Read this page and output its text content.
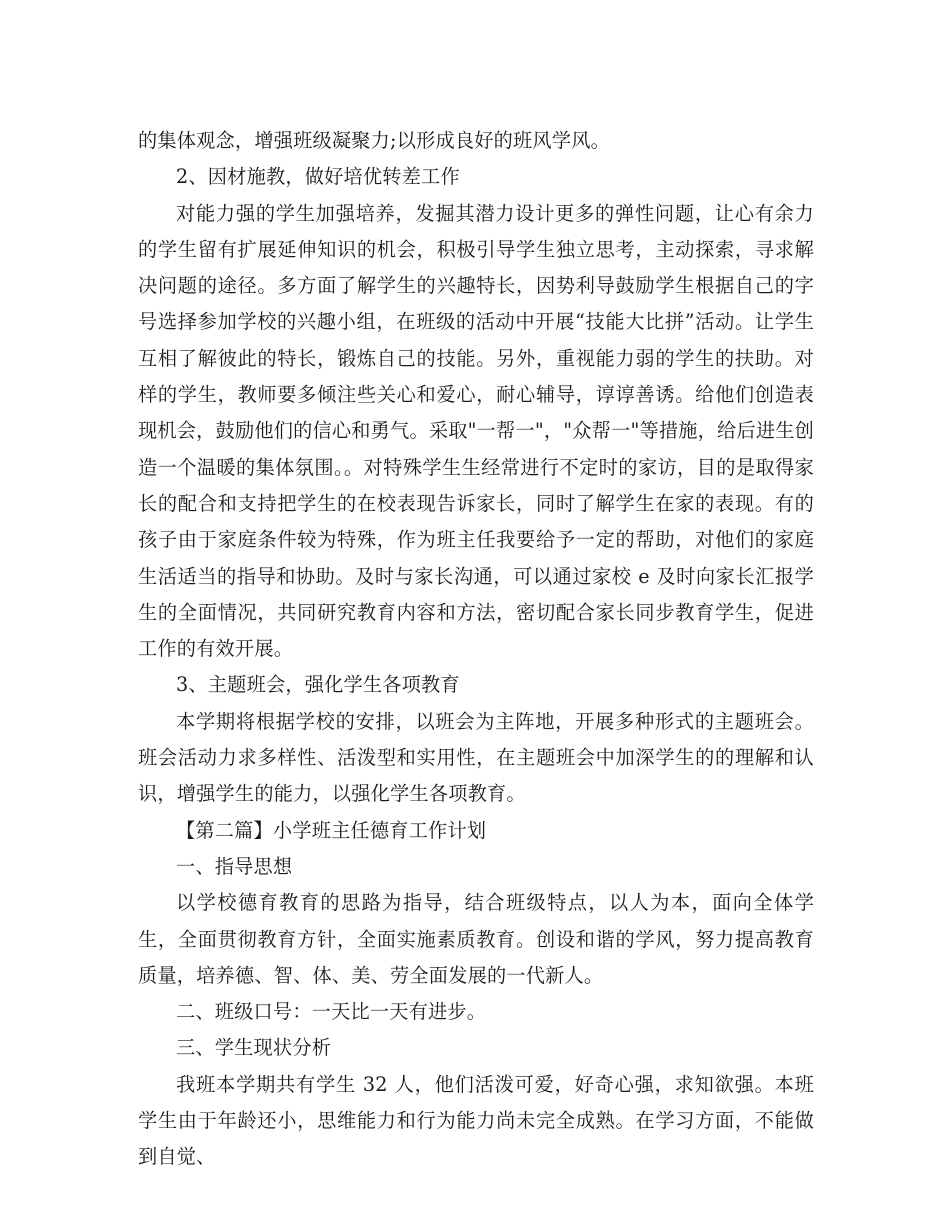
的集体观念，增强班级凝聚力;以形成良好的班风学风。

2、因材施教，做好培优转差工作

对能力强的学生加强培养，发掘其潜力设计更多的弹性问题，让心有余力的学生留有扩展延伸知识的机会，积极引导学生独立思考，主动探索，寻求解决问题的途径。多方面了解学生的兴趣特长，因势利导鼓励学生根据自己的字号选择参加学校的兴趣小组，在班级的活动中开展“技能大比拼”活动。让学生互相了解彼此的特长，锻炼自己的技能。另外，重视能力弱的学生的扶助。对样的学生，教师要多倾注些关心和爱心，耐心辅导，谆谆善诱。给他们创造表现机会，鼓励他们的信心和勇气。采取"一帮一"，"众帮一"等措施，给后进生创造一个温暖的集体氛围。。对特殊学生生经常进行不定时的家访，目的是取得家长的配合和支持把学生的在校表现告诉家长，同时了解学生在家的表现。有的孩子由于家庭条件较为特殊，作为班主任我要给予一定的帮助，对他们的家庭生活适当的指导和协助。及时与家长沟通，可以通过家校 e 及时向家长汇报学生的全面情况，共同研究教育内容和方法，密切配合家长同步教育学生，促进工作的有效开展。

3、主题班会，强化学生各项教育

本学期将根据学校的安排，以班会为主阵地，开展多种形式的主题班会。班会活动力求多样性、活泼型和实用性，在主题班会中加深学生的的理解和认识，增强学生的能力，以强化学生各项教育。

【第二篇】小学班主任德育工作计划

一、指导思想

以学校德育教育的思路为指导，结合班级特点，以人为本，面向全体学生，全面贯彻教育方针，全面实施素质教育。创设和谐的学风，努力提高教育质量，培养德、智、体、美、劳全面发展的一代新人。

二、班级口号：一天比一天有进步。

三、学生现状分析

我班本学期共有学生 32 人，他们活泼可爱，好奇心强，求知欲强。本班学生由于年龄还小，思维能力和行为能力尚未完全成熟。在学习方面，不能做到自觉、
